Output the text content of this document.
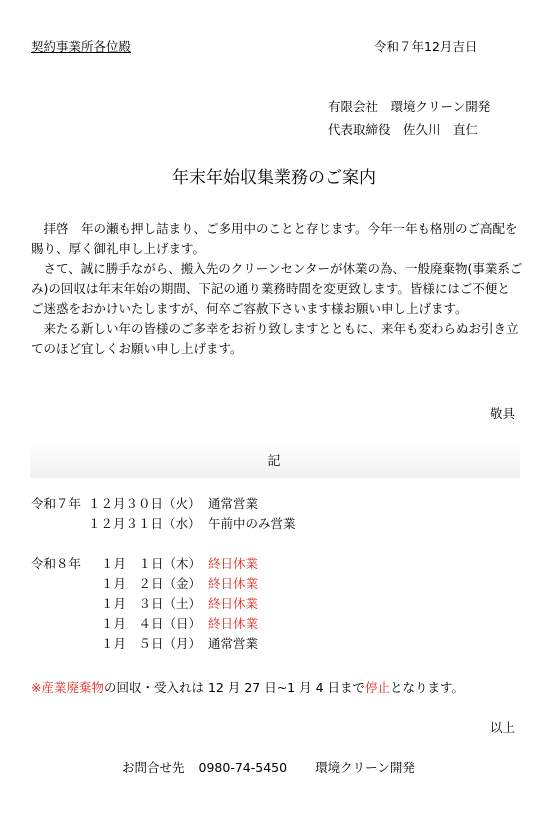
契約事業所各位殿	令和７年12月吉日
有限会社　環境クリーン開発
代表取締役　佐久川　直仁
年末年始収集業務のご案内
　拝啓　年の瀬も押し詰まり、ご多用中のことと存じます。今年一年も格別のご高配を
賜り、厚く御礼申し上げます。
　さて、誠に勝手ながら、搬入先のクリーンセンターが休業の為、一般廃棄物(事業系ご
み)の回収は年末年始の期間、下記の通り業務時間を変更致します。皆様にはご不便と
ご迷惑をおかけいたしますが、何卒ご容赦下さいます様お願い申し上げます。
　来たる新しい年の皆様のご多幸をお祈り致しますとともに、来年も変わらぬお引き立
てのほど宜しくお願い申し上げます。
敬具
記
令和７年 １２月３０日（火） 通常営業
１２月３１日（水） 午前中のみ営業
令和８年 １月　１日（木） 終日休業
１月　２日（金） 終日休業
１月　３日（土） 終日休業
１月　４日（日） 終日休業
１月　５日（月） 通常営業
※産業廃棄物の回収・受入れは 12 月 27 日~1 月 4 日まで停止となります。
以上
お問合せ先 0980-74-5450 環境クリーン開発
